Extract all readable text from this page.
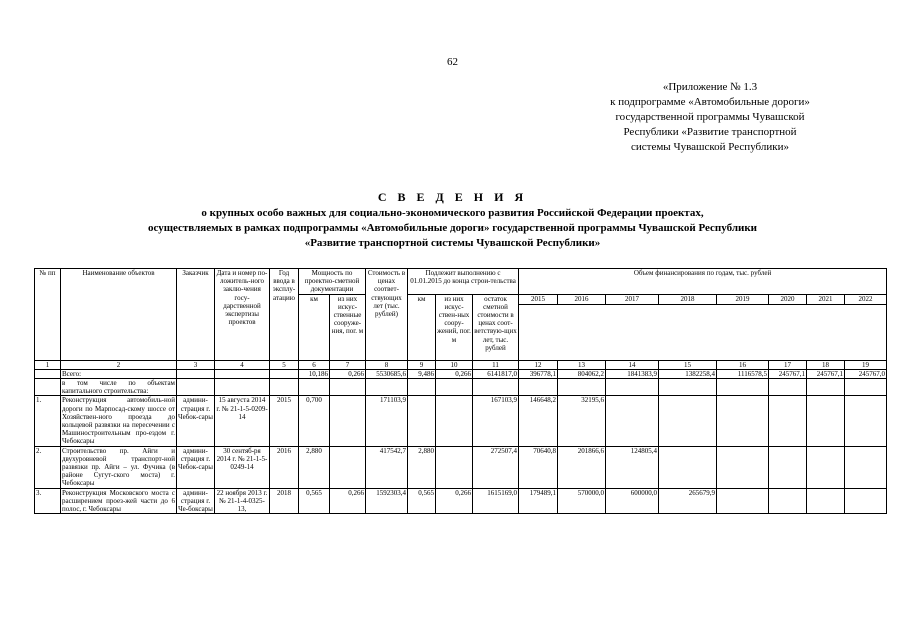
62
«Приложение № 1.3
к подпрограмме «Автомобильные дороги»
государственной программы Чувашской
Республики «Развитие транспортной
системы Чувашской Республики»
С В Е Д Е Н И Я
о крупных особо важных для социально-экономического развития Российской Федерации проектах,
осуществляемых в рамках подпрограммы «Автомобильные дороги» государственной программы Чувашской Республики
«Развитие транспортной системы Чувашской Республики»
№ пп	Наименование объектов	Заказчик	Дата и номер по-ложитель-ного заклю-чения госу-дарственной экспертизы проектов	Год ввода в эксплу-атацию	Мощность по проектно-сметной документации		Стоимость в ценах соответ-ствующих лет (тыс. рублей)	Подлежит выполнению с 01.01.2015 до конца строи-тельства			Объем финансирования по годам, тыс. рублей							
					км	из них искус-ственные сооруже-ния, пог. м		км	из них искус-ствен-ных соору-жений, пог. м	остаток сметной стоимости в ценах соот-ветствую-щих лет, тыс. рублей	2015	2016	2017	2018	2019	2020	2021	2022

1	2	3	4	5	6	7	8	9	10	11	12	13	14	15	16	17	18	19
	Всего:				10,186	0,266	5530685,6	9,486	0,266	6141817,0	396778,1	804062,2	1841383,9	1382258,4	1116578,5	245767,1	245767,1	245767,0
	в том числе по объектам капитального строительства:																	
1.	Реконструкция автомобиль-ной дороги по Марпосад-скому шоссе от Хозяйствен-ного проезда до кольцевой развязки на пересечении с Машиностроительным про-ездом г. Чебоксары	админи-страция г. Чебок-сары	15 августа 2014 г. № 21-1-5-0209-14	2015	0,700		171103,9			167103,9	146648,2	32195,6						
2.	Строительство пр. Айги и двухуровневой транспорт-ной развязки пр. Айги – ул. Фучика (в районе Сугут-ского моста) г. Чебоксары	админи-страция г. Чебок-сары	30 сентяб-ря 2014 г. № 21-1-5-0249-14	2016	2,880		417542,7	2,880		272507,4	70640,8	201866,6	124805,4					
3.	Реконструкция Московского моста с расширением проез-жей части до 6 полос, г. Чебоксары	админи-страция г. Че-боксары	22 ноября 2013 г. № 21-1-4-0325-13,	2018	0,565	0,266	1592303,4	0,565	0,266	1615169,0	179489,1	570000,0	600000,0	265679,9				
